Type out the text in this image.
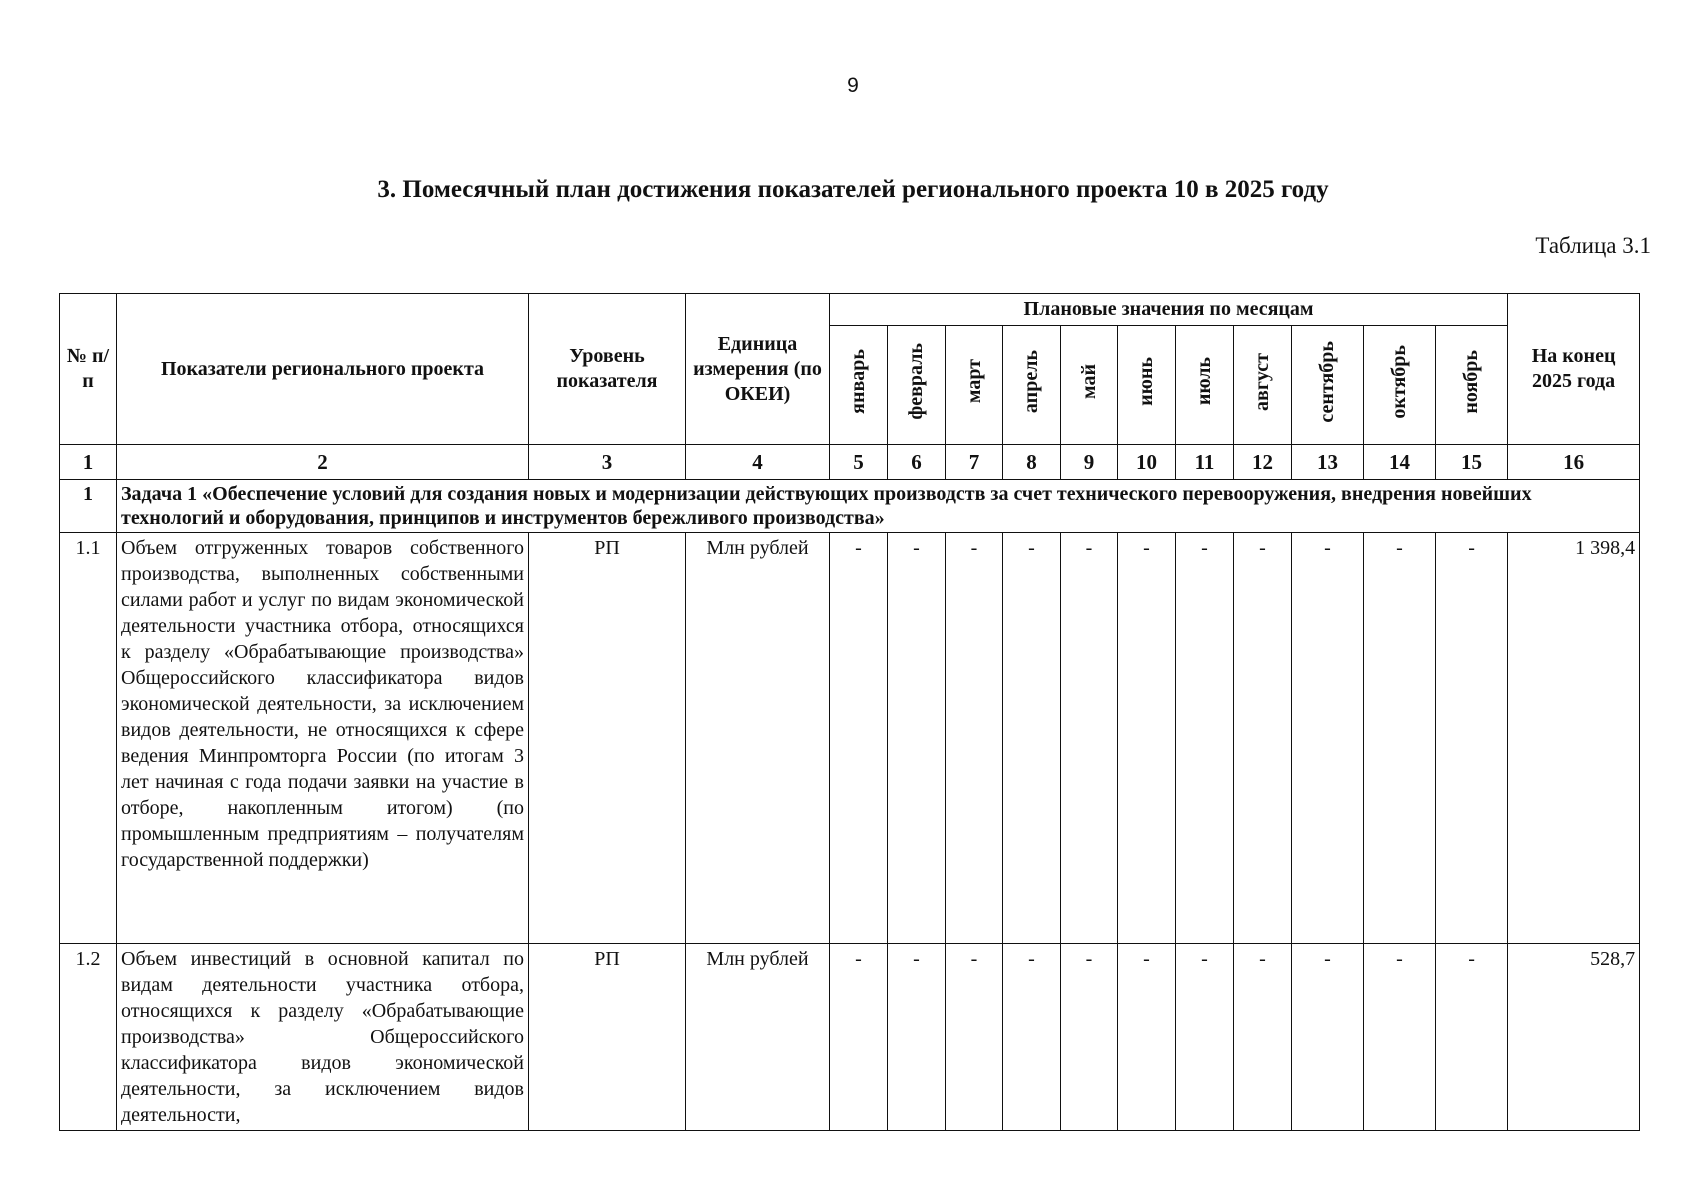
9
3. Помесячный план достижения показателей регионального проекта 10 в 2025 году
Таблица 3.1
№ п/п	Показатели регионального проекта	Уровень показателя	Единица измерения (по ОКЕИ)	Плановые значения по месяцам											На конец 2025 года
				январь	февраль	март	апрель	май	июнь	июль	август	сентябрь	октябрь	ноябрь	
1	2	3	4	5	6	7	8	9	10	11	12	13	14	15	16
1	Задача 1 «Обеспечение условий для создания новых и модернизации действующих производств за счет технического перевооружения, внедрения новейших технологий и оборудования, принципов и инструментов бережливого производства»														
1.1	Объем отгруженных товаров собственного производства, выполненных собственными силами работ и услуг по видам экономической деятельности участника отбора, относящихся к разделу «Обрабатывающие производства» Общероссийского классификатора видов экономической деятельности, за исключением видов деятельности, не относящихся к сфере ведения Минпромторга России (по итогам 3 лет начиная с года подачи заявки на участие в отборе, накопленным итогом) (по промышленным предприятиям – получателям государственной поддержки)	РП	Млн рублей	-	-	-	-	-	-	-	-	-	-	-	1 398,4
1.2	Объем инвестиций в основной капитал по видам деятельности участника отбора, относящихся к разделу «Обрабатывающие производства» Общероссийского классификатора видов экономической деятельности, за исключением видов деятельности,	РП	Млн рублей	-	-	-	-	-	-	-	-	-	-	-	528,7
